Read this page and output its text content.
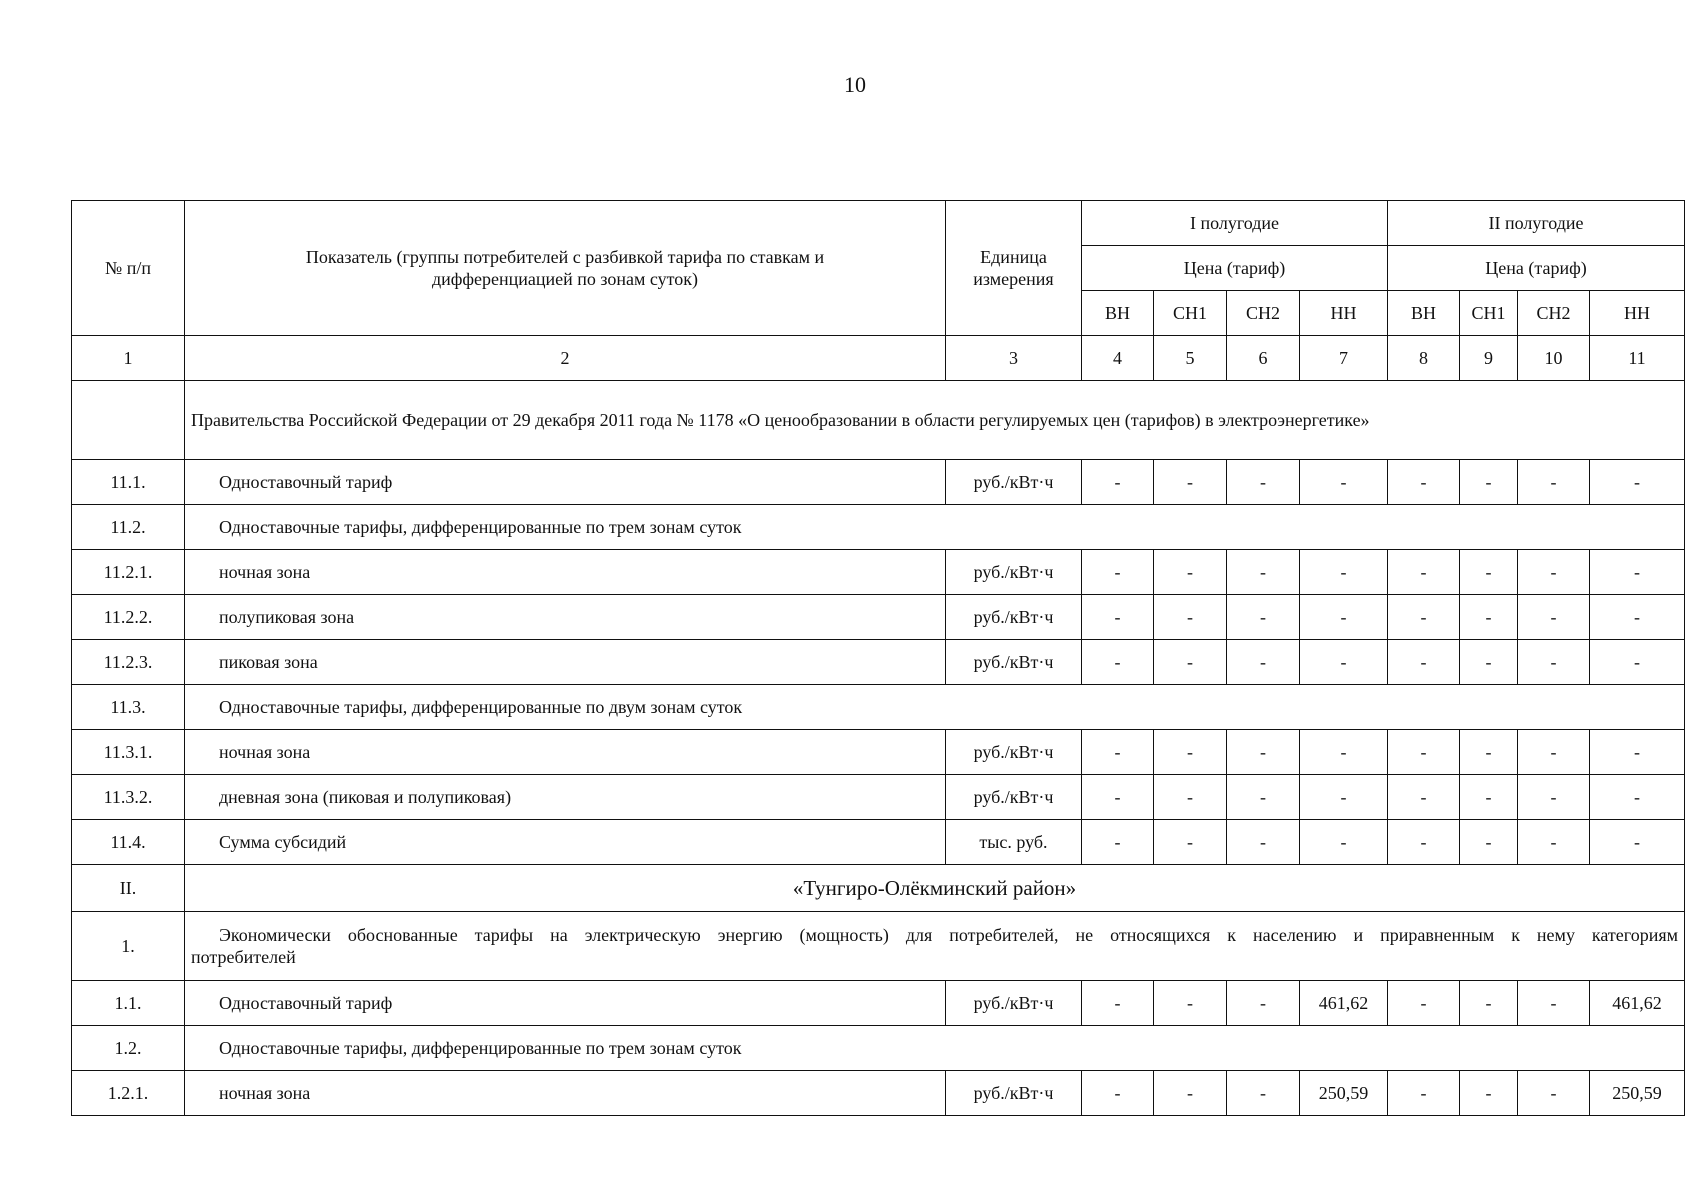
10
№ п/п	Показатель (группы потребителей с разбивкой тарифа по ставкам и дифференциацией по зонам суток)	Единица измерения	I полугодие				II полугодие			
			Цена (тариф)				Цена (тариф)			
			ВН	СН1	СН2	НН	ВН	СН1	СН2	НН
1	2	3	4	5	6	7	8	9	10	11
	Правительства Российской Федерации от 29 декабря 2011 года № 1178 «О ценообразовании в области регулируемых цен (тарифов) в электроэнергетике»									
11.1.	Одноставочный тариф	руб./кВт·ч	-	-	-	-	-	-	-	-
11.2.	Одноставочные тарифы, дифференцированные по трем зонам суток									
11.2.1.	ночная зона	руб./кВт·ч	-	-	-	-	-	-	-	-
11.2.2.	полупиковая зона	руб./кВт·ч	-	-	-	-	-	-	-	-
11.2.3.	пиковая зона	руб./кВт·ч	-	-	-	-	-	-	-	-
11.3.	Одноставочные тарифы, дифференцированные по двум зонам суток									
11.3.1.	ночная зона	руб./кВт·ч	-	-	-	-	-	-	-	-
11.3.2.	дневная зона (пиковая и полупиковая)	руб./кВт·ч	-	-	-	-	-	-	-	-
11.4.	Сумма субсидий	тыс. руб.	-	-	-	-	-	-	-	-
II.	«Тунгиро-Олёкминский район»									
1.	Экономически обоснованные тарифы на электрическую энергию (мощность) для потребителей, не относящихся к населению и приравненным к нему категориям
потребителей									

1.1.	Одноставочный тариф	руб./кВт·ч	-	-	-	461,62	-	-	-	461,62
1.2.	Одноставочные тарифы, дифференцированные по трем зонам суток									
1.2.1.	ночная зона	руб./кВт·ч	-	-	-	250,59	-	-	-	250,59
